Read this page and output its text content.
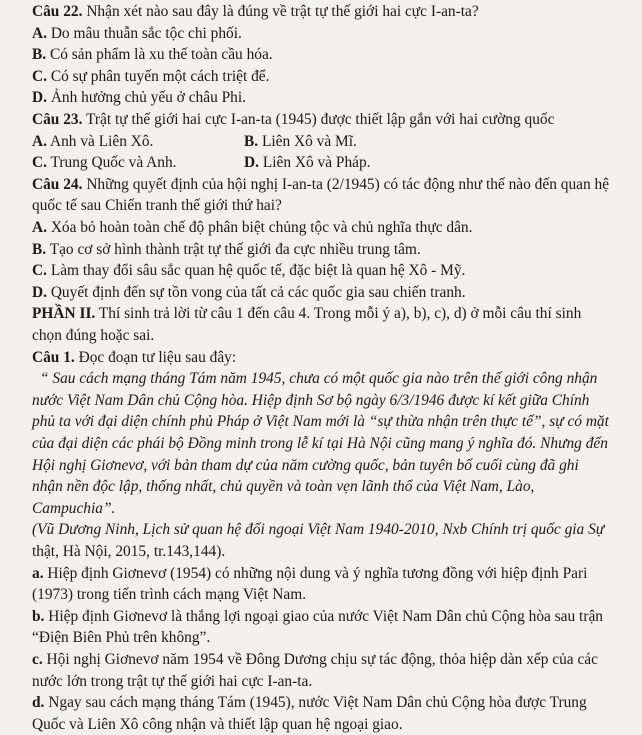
Câu 22. Nhận xét nào sau đây là đúng về trật tự thế giới hai cực I-an-ta?
A. Do mâu thuẫn sắc tộc chi phối.
B. Có sản phẩm là xu thế toàn cầu hóa.
C. Có sự phân tuyến một cách triệt để.
D. Ảnh hưởng chủ yếu ở châu Phi.
Câu 23. Trật tự thế giới hai cực I-an-ta (1945) được thiết lập gắn với hai cường quốc
A. Anh và Liên Xô.	B. Liên Xô và Mĩ.
C. Trung Quốc và Anh.	D. Liên Xô và Pháp.
Câu 24. Những quyết định của hội nghị I-an-ta (2/1945) có tác động như thế nào đến quan hệ
quốc tế sau Chiến tranh thế giới thứ hai?
A. Xóa bỏ hoàn toàn chế độ phân biệt chủng tộc và chủ nghĩa thực dân.
B. Tạo cơ sở hình thành trật tự thế giới đa cực nhiều trung tâm.
C. Làm thay đổi sâu sắc quan hệ quốc tế, đặc biệt là quan hệ Xô - Mỹ.
D. Quyết định đến sự tồn vong của tất cả các quốc gia sau chiến tranh.
PHẦN II. Thí sinh trả lời từ câu 1 đến câu 4. Trong mỗi ý a), b), c), d) ở mỗi câu thí sinh
chọn đúng hoặc sai.
Câu 1. Đọc đoạn tư liệu sau đây:
“ Sau cách mạng tháng Tám năm 1945, chưa có một quốc gia nào trên thế giới công nhận
nước Việt Nam Dân chủ Cộng hòa. Hiệp định Sơ bộ ngày 6/3/1946 được kí kết giữa Chính
phủ ta với đại diện chính phủ Pháp ở Việt Nam mới là “sự thừa nhận trên thực tế”, sự có mặt
của đại diện các phái bộ Đồng minh trong lễ kí tại Hà Nội cũng mang ý nghĩa đó. Nhưng đến
Hội nghị Giơnevơ, với bản tham dự của năm cường quốc, bản tuyên bố cuối cùng đã ghi
nhận nền độc lập, thống nhất, chủ quyền và toàn vẹn lãnh thổ của Việt Nam, Lào,
Campuchia”.
(Vũ Dương Ninh, Lịch sử quan hệ đối ngoại Việt Nam 1940-2010, Nxb Chính trị quốc gia Sự
thật, Hà Nội, 2015, tr.143,144).
a. Hiệp định Giơnevơ (1954) có những nội dung và ý nghĩa tương đồng với hiệp định Pari
(1973) trong tiến trình cách mạng Việt Nam.
b. Hiệp định Giơnevơ là thắng lợi ngoại giao của nước Việt Nam Dân chủ Cộng hòa sau trận
“Điện Biên Phủ trên không”.
c. Hội nghị Giơnevơ năm 1954 về Đông Dương chịu sự tác động, thỏa hiệp dàn xếp của các
nước lớn trong trật tự thế giới hai cực I-an-ta.
d. Ngay sau cách mạng tháng Tám (1945), nước Việt Nam Dân chủ Cộng hòa được Trung
Quốc và Liên Xô công nhận và thiết lập quan hệ ngoại giao.
